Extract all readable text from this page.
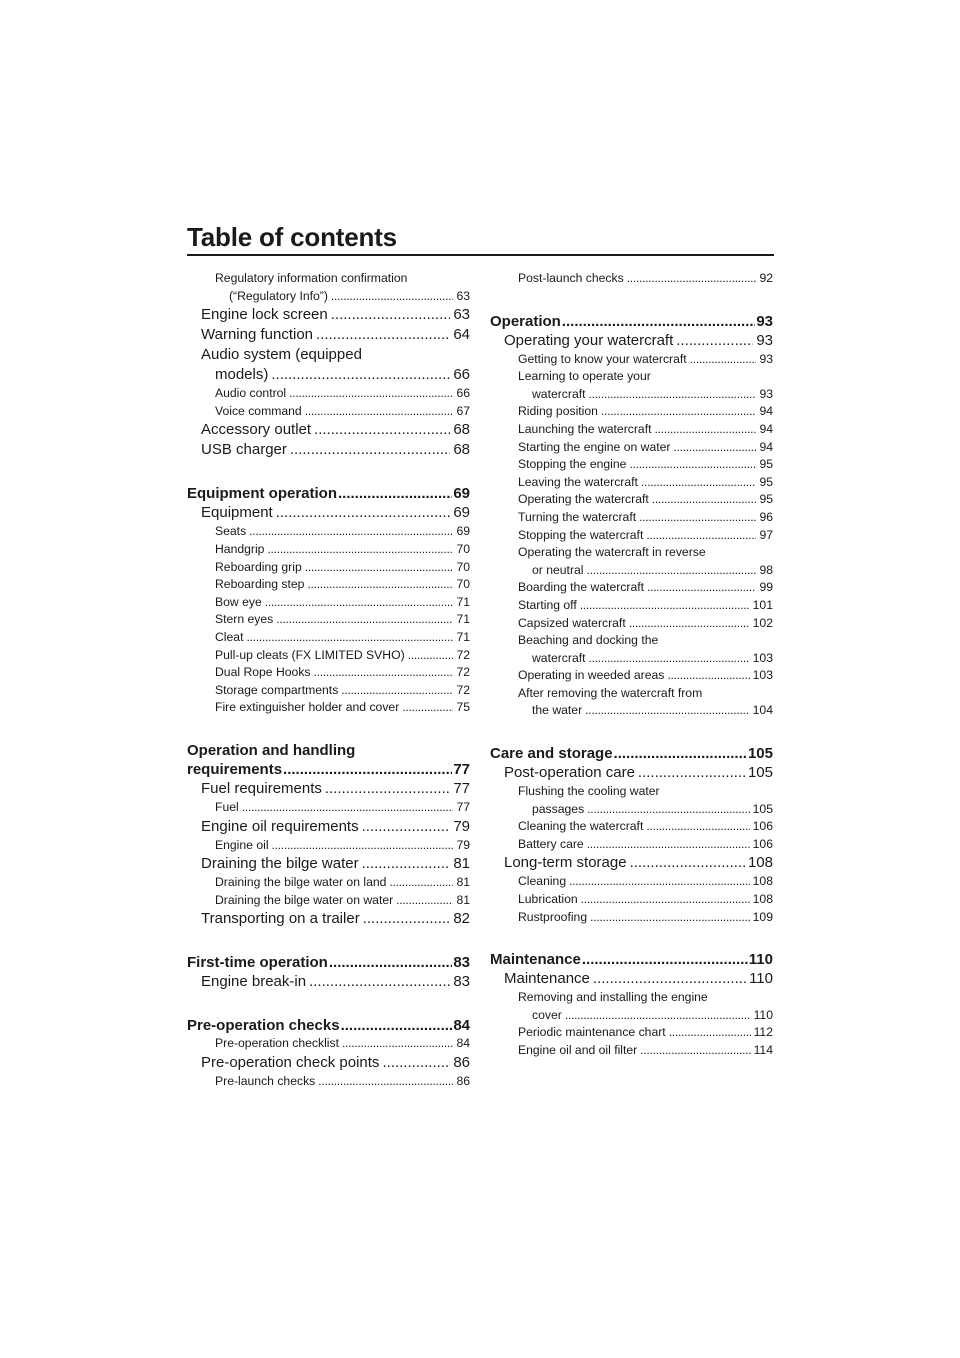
Table of contents
Regulatory information confirmation
(“Regulatory Info”) .....	63
Engine lock screen .....	63
Warning function .....	64
Audio system (equipped
models) .....	66
Audio control .....	66
Voice command .....	67
Accessory outlet .....	68
USB charger .....	68
Equipment operation .....	69
Equipment .....	69
Seats .....	69
Handgrip .....	70
Reboarding grip .....	70
Reboarding step .....	70
Bow eye .....	71
Stern eyes .....	71
Cleat .....	71
Pull-up cleats (FX LIMITED SVHO) .....	72
Dual Rope Hooks .....	72
Storage compartments .....	72
Fire extinguisher holder and cover .....	75
Operation and handling
requirements .....	77
Fuel requirements .....	77
Fuel .....	77
Engine oil requirements .....	79
Engine oil .....	79
Draining the bilge water .....	81
Draining the bilge water on land .....	81
Draining the bilge water on water .....	81
Transporting on a trailer .....	82
First-time operation .....	83
Engine break-in .....	83
Pre-operation checks .....	84
Pre-operation checklist .....	84
Pre-operation check points .....	86
Pre-launch checks .....	86
Post-launch checks .....	92
Operation .....	93
Operating your watercraft .....	93
Getting to know your watercraft .....	93
Learning to operate your
watercraft .....	93
Riding position .....	94
Launching the watercraft .....	94
Starting the engine on water .....	94
Stopping the engine .....	95
Leaving the watercraft .....	95
Operating the watercraft .....	95
Turning the watercraft .....	96
Stopping the watercraft .....	97
Operating the watercraft in reverse
or neutral .....	98
Boarding the watercraft .....	99
Starting off .....	101
Capsized watercraft .....	102
Beaching and docking the
watercraft .....	103
Operating in weeded areas .....	103
After removing the watercraft from
the water .....	104
Care and storage .....	105
Post-operation care .....	105
Flushing the cooling water
passages .....	105
Cleaning the watercraft .....	106
Battery care .....	106
Long-term storage .....	108
Cleaning .....	108
Lubrication .....	108
Rustproofing .....	109
Maintenance .....	110
Maintenance .....	110
Removing and installing the engine
cover .....	110
Periodic maintenance chart .....	112
Engine oil and oil filter .....	114
